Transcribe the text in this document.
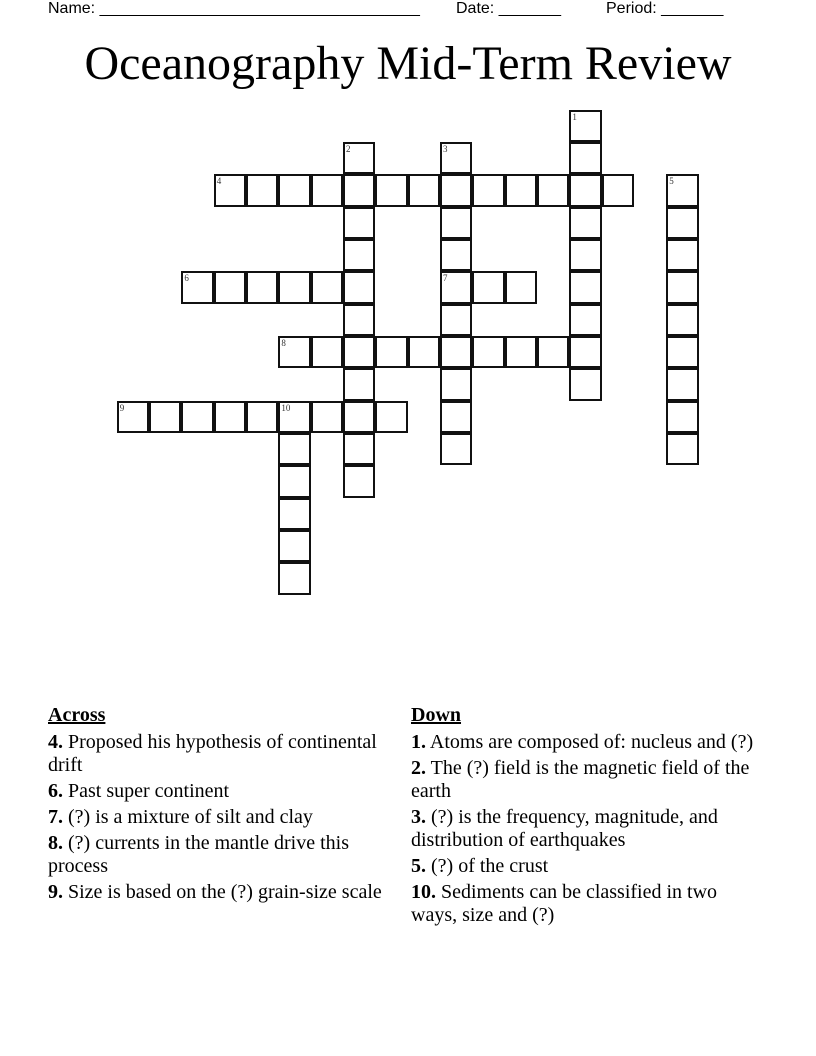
Name: ____________________________________ Date: _______	Period: _______
Oceanography Mid-Term Review
1
2	3
7
4	5
6
8
9	10
Across
4. Proposed his hypothesis of continental drift
6. Past super continent
7. (?) is a mixture of silt and clay
8. (?) currents in the mantle drive this process
9. Size is based on the (?) grain-size scale
Down
1. Atoms are composed of: nucleus and (?)
2. The (?) field is the magnetic field of the earth
3. (?) is the frequency, magnitude, and distribution of earthquakes
5. (?) of the crust
10. Sediments can be classified in two ways, size and (?)
